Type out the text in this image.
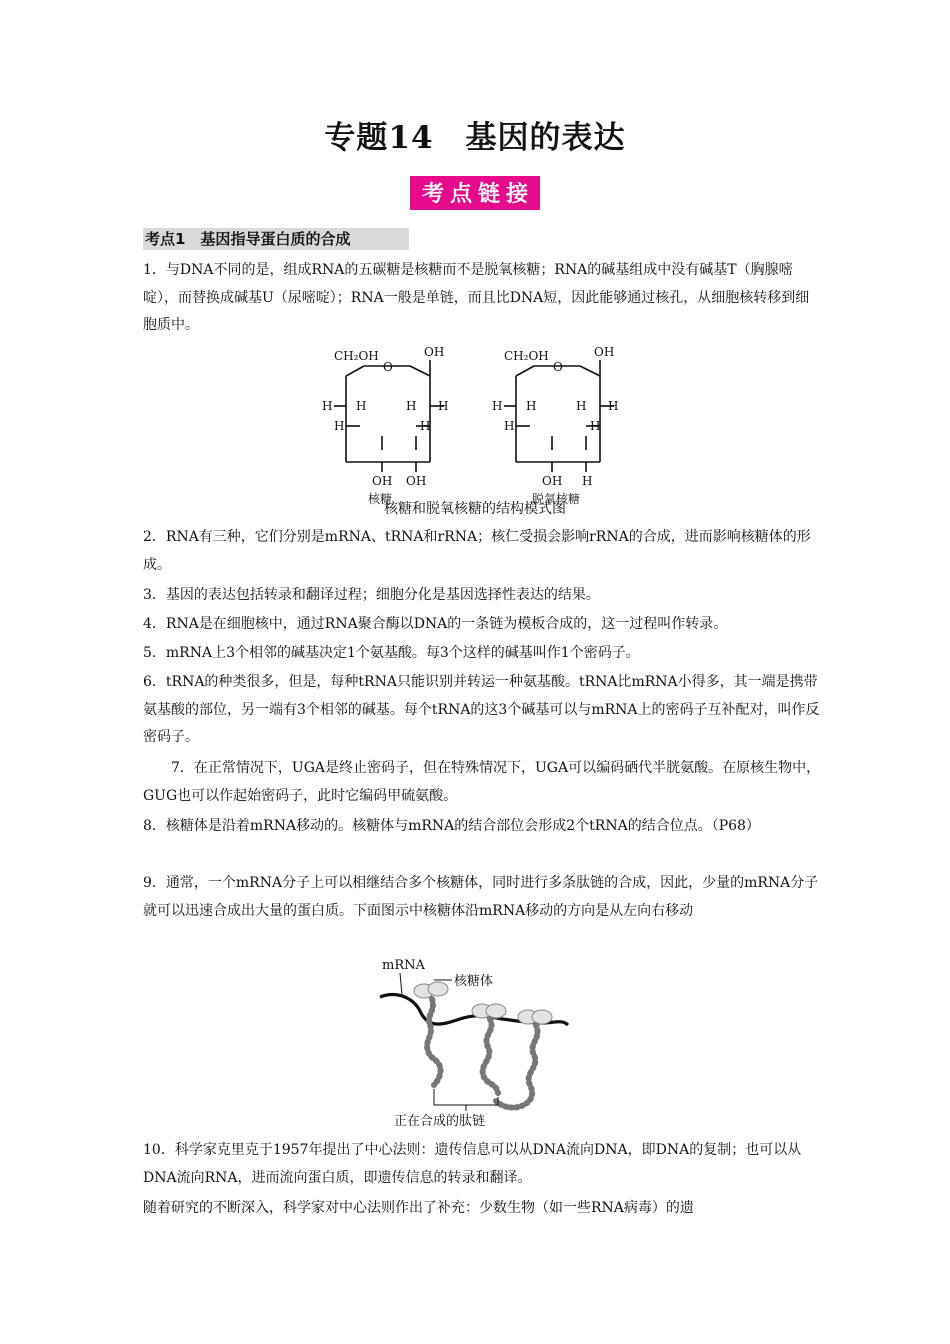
专题14　基因的表达
考点链接
考点1　基因指导蛋白质的合成

1．与DNA不同的是，组成RNA的五碳糖是核糖而不是脱氧核糖；RNA的碱基组成中没有碱基T（胸腺嘧啶），而替换成碱基U（尿嘧啶）；RNA一般是单链，而且比DNA短，因此能够通过核孔，从细胞核转移到细胞质中。

CH₂OH
O
OH
H H	H H
H	H
OH OH
核糖
CH₂OH
O
OH
H H	H H
H	H
OH H
脱氧核糖
核糖和脱氧核糖的结构模式图

2．RNA有三种，它们分别是mRNA、tRNA和rRNA；核仁受损会影响rRNA的合成，进而影响核糖体的形成。

3．基因的表达包括转录和翻译过程；细胞分化是基因选择性表达的结果。

4．RNA是在细胞核中，通过RNA聚合酶以DNA的一条链为模板合成的，这一过程叫作转录。

5．mRNA上3个相邻的碱基决定1个氨基酸。每3个这样的碱基叫作1个密码子。

6．tRNA的种类很多，但是，每种tRNA只能识别并转运一种氨基酸。tRNA比mRNA小得多，其一端是携带氨基酸的部位，另一端有3个相邻的碱基。每个tRNA的这3个碱基可以与mRNA上的密码子互补配对，叫作反密码子。

　　7．在正常情况下，UGA是终止密码子，但在特殊情况下，UGA可以编码硒代半胱氨酸。在原核生物中，GUG也可以作起始密码子，此时它编码甲硫氨酸。

8．核糖体是沿着mRNA移动的。核糖体与mRNA的结合部位会形成2个tRNA的结合位点。（P68）

9．通常，一个mRNA分子上可以相继结合多个核糖体，同时进行多条肽链的合成，因此，少量的mRNA分子就可以迅速合成出大量的蛋白质。下面图示中核糖体沿mRNA移动的方向是从左向右移动

mRNA
核糖体
正在合成的肽链

10．科学家克里克于1957年提出了中心法则：遗传信息可以从DNA流向DNA，即DNA的复制；也可以从DNA流向RNA，进而流向蛋白质，即遗传信息的转录和翻译。

随着研究的不断深入，科学家对中心法则作出了补充：少数生物（如一些RNA病毒）的遗
